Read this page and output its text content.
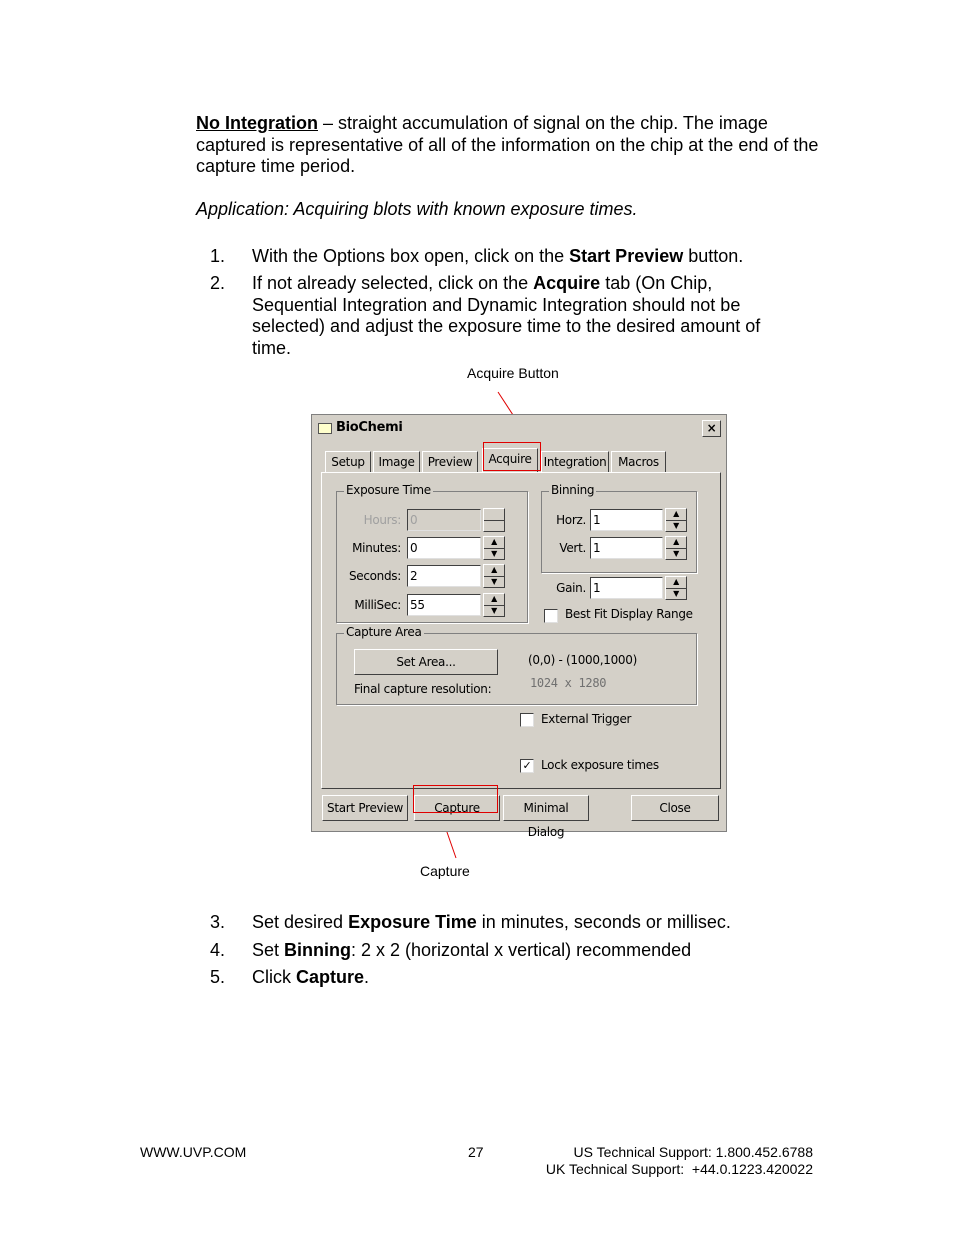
No Integration – straight accumulation of signal on the chip. The image captured is representative of all of the information on the chip at the end of the capture time period.
Application: Acquiring blots with known exposure times.
1. With the Options box open, click on the Start Preview button.
2. If not already selected, click on the Acquire tab (On Chip, Sequential Integration and Dynamic Integration should not be selected) and adjust the exposure time to the desired amount of time.
Acquire Button
Capture
BioChemi	×
Setup	Image	Preview	Acquire	Integration Macros
Exposure Time
Hours: 0
Minutes: 0	▲
▼
Seconds: 2	▲
▼
MilliSec: 55	▲
▼
Binning
Horz. 1	▲
▼
Vert. 1	▲
▼
Gain. 1	▲
▼
Best Fit Display Range
Capture Area
Set Area...	(0,0) - (1000,1000)
Final capture resolution:	1024 x 1280
External Trigger
✓ Lock exposure times
Start Preview	Capture	Minimal Dialog
Close
3. Set desired Exposure Time in minutes, seconds or millisec.
4. Set Binning: 2 x 2 (horizontal x vertical) recommended
5. Click Capture.
WWW.UVP.COM	27	US Technical Support: 1.800.452.6788
UK Technical Support:  +44.0.1223.420022
